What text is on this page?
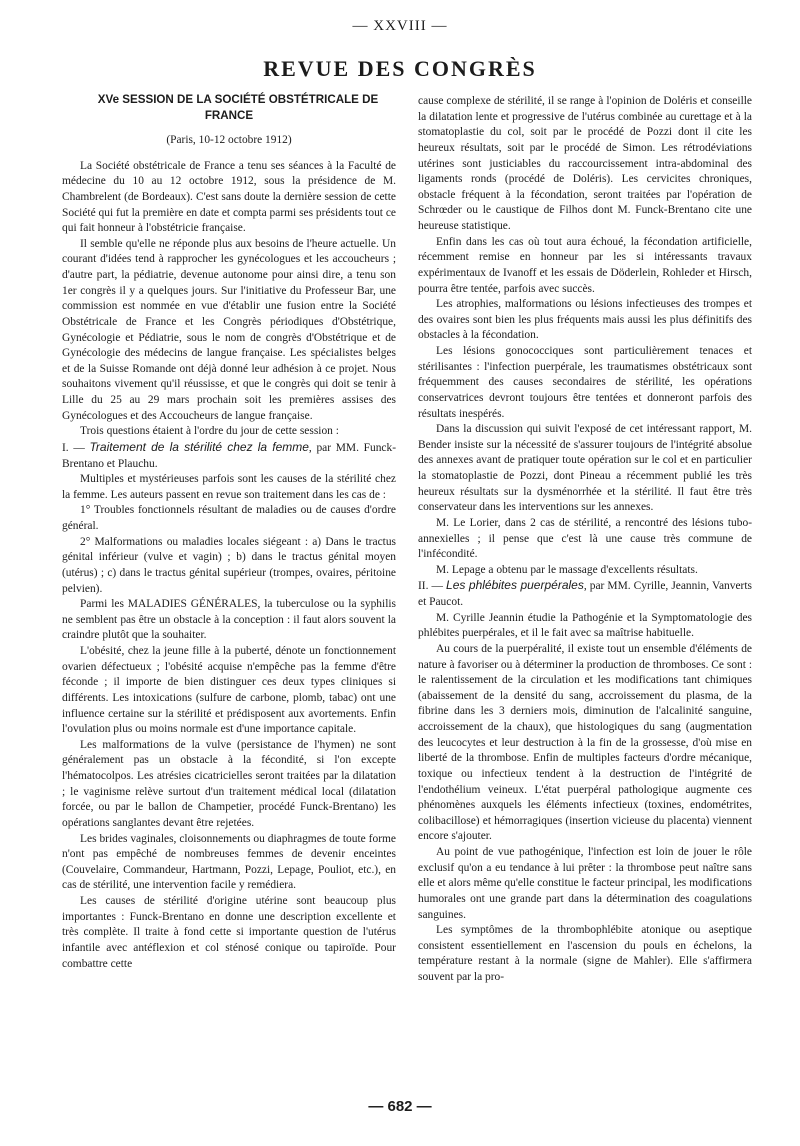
— XXVIII —
REVUE DES CONGRÈS

XVe SESSION DE LA SOCIÉTÉ OBSTÉTRICALE DE FRANCE

(Paris, 10-12 octobre 1912)

La Société obstétricale de France a tenu ses séances à la Faculté de médecine du 10 au 12 octobre 1912, sous la présidence de M. Chambrelent (de Bordeaux). C'est sans doute la dernière session de cette Société qui fut la première en date et compta parmi ses présidents tout ce qui fait honneur à l'obstétricie française.

Il semble qu'elle ne réponde plus aux besoins de l'heure actuelle. Un courant d'idées tend à rapprocher les gynécologues et les accoucheurs ; d'autre part, la pédiatrie, devenue autonome pour ainsi dire, a tenu son 1er congrès il y a quelques jours. Sur l'initiative du Professeur Bar, une commission est nommée en vue d'établir une fusion entre la Société Obstétricale de France et les Congrès périodiques d'Obstétrique, Gynécologie et Pédiatrie, sous le nom de congrès d'Obstétrique et de Gynécologie des médecins de langue française. Les spécialistes belges et de la Suisse Romande ont déjà donné leur adhésion à ce projet. Nous souhaitons vivement qu'il réussisse, et que le congrès qui doit se tenir à Lille du 25 au 29 mars prochain soit les premières assises des Gynécologues et des Accoucheurs de langue française.

Trois questions étaient à l'ordre du jour de cette session :

I. — Traitement de la stérilité chez la femme, par MM. Funck-Brentano et Plauchu.

Multiples et mystérieuses parfois sont les causes de la stérilité chez la femme. Les auteurs passent en revue son traitement dans les cas de :

1° Troubles fonctionnels résultant de maladies ou de causes d'ordre général.

2° Malformations ou maladies locales siégeant : a) Dans le tractus génital inférieur (vulve et vagin) ; b) dans le tractus génital moyen (utérus) ; c) dans le tractus génital supérieur (trompes, ovaires, péritoine pelvien).

Parmi les MALADIES GÉNÉRALES, la tuberculose ou la syphilis ne semblent pas être un obstacle à la conception : il faut alors souvent la craindre plutôt que la souhaiter.

L'obésité, chez la jeune fille à la puberté, dénote un fonctionnement ovarien défectueux ; l'obésité acquise n'empêche pas la femme d'être féconde ; il importe de bien distinguer ces deux types cliniques si différents. Les intoxications (sulfure de carbone, plomb, tabac) ont une influence certaine sur la stérilité et prédisposent aux avortements. Enfin l'ovulation plus ou moins normale est d'une importance capitale.

Les malformations de la vulve (persistance de l'hymen) ne sont généralement pas un obstacle à la fécondité, si l'on excepte l'hématocolpos. Les atrésies cicatricielles seront traitées par la dilatation ; le vaginisme relève surtout d'un traitement médical local (dilatation forcée, ou par le ballon de Champetier, procédé Funck-Brentano) les opérations sanglantes devant être rejetées.

Les brides vaginales, cloisonnements ou diaphragmes de toute forme n'ont pas empêché de nombreuses femmes de devenir enceintes (Couvelaire, Commandeur, Hartmann, Pozzi, Lepage, Pouliot, etc.), en cas de stérilité, une intervention facile y remédiera.

Les causes de stérilité d'origine utérine sont beaucoup plus importantes : Funck-Brentano en donne une description excellente et très complète. Il traite à fond cette si importante question de l'utérus infantile avec antéflexion et col sténosé conique ou tapiroïde. Pour combattre cette

cause complexe de stérilité, il se range à l'opinion de Doléris et conseille la dilatation lente et progressive de l'utérus combinée au curettage et à la stomatoplastie du col, soit par le procédé de Pozzi dont il cite les heureux résultats, soit par le procédé de Simon. Les rétrodéviations utérines sont justiciables du raccourcissement intra-abdominal des ligaments ronds (procédé de Doléris). Les cervicites chroniques, obstacle fréquent à la fécondation, seront traitées par l'opération de Schrœder ou le caustique de Filhos dont M. Funck-Brentano cite une heureuse statistique.

Enfin dans les cas où tout aura échoué, la fécondation artificielle, récemment remise en honneur par les si intéressants travaux expérimentaux de Ivanoff et les essais de Döderlein, Rohleder et Hirsch, pourra être tentée, parfois avec succès.

Les atrophies, malformations ou lésions infectieuses des trompes et des ovaires sont bien les plus fréquents mais aussi les plus définitifs des obstacles à la fécondation.

Les lésions gonococciques sont particulièrement tenaces et stérilisantes : l'infection puerpérale, les traumatismes obstétricaux sont fréquemment des causes secondaires de stérilité, les opérations conservatrices devront toujours être tentées et donneront parfois des résultats inespérés.

Dans la discussion qui suivit l'exposé de cet intéressant rapport, M. Bender insiste sur la nécessité de s'assurer toujours de l'intégrité absolue des annexes avant de pratiquer toute opération sur le col et en particulier la stomatoplastie de Pozzi, dont Pineau a récemment publié les très heureux résultats sur la dysménorrhée et la stérilité. Il faut être très conservateur dans les interventions sur les annexes.

M. Le Lorier, dans 2 cas de stérilité, a rencontré des lésions tubo-annexielles ; il pense que c'est là une cause très commune de l'infécondité.

M. Lepage a obtenu par le massage d'excellents résultats.

II. — Les phlébites puerpérales, par MM. Cyrille, Jeannin, Vanverts et Paucot.

M. Cyrille Jeannin étudie la Pathogénie et la Symptomatologie des phlébites puerpérales, et il le fait avec sa maîtrise habituelle.

Au cours de la puerpéralité, il existe tout un ensemble d'éléments de nature à favoriser ou à déterminer la production de thromboses. Ce sont : le ralentissement de la circulation et les modifications tant chimiques (abaissement de la densité du sang, accroissement du plasma, de la fibrine dans les 3 derniers mois, diminution de l'alcalinité sanguine, accroissement de la chaux), que histologiques du sang (augmentation des leucocytes et leur destruction à la fin de la grossesse, d'où mise en liberté de la thrombose. Enfin de multiples facteurs d'ordre mécanique, toxique ou infectieux tendent à la destruction de l'intégrité de l'endothélium veineux. L'état puerpéral pathologique augmente ces phénomènes auxquels les éléments infectieux (toxines, endométrites, colibacillose) et hémorragiques (insertion vicieuse du placenta) viennent encore s'ajouter.

Au point de vue pathogénique, l'infection est loin de jouer le rôle exclusif qu'on a eu tendance à lui prêter : la thrombose peut naître sans elle et alors même qu'elle constitue le facteur principal, les modifications humorales ont une grande part dans la détermination des coagulations sanguines.

Les symptômes de la thrombophlébite atonique ou aseptique consistent essentiellement en l'ascension du pouls en échelons, la température restant à la normale (signe de Mahler). Elle s'affirmera souvent par la pro-

— 682 —
